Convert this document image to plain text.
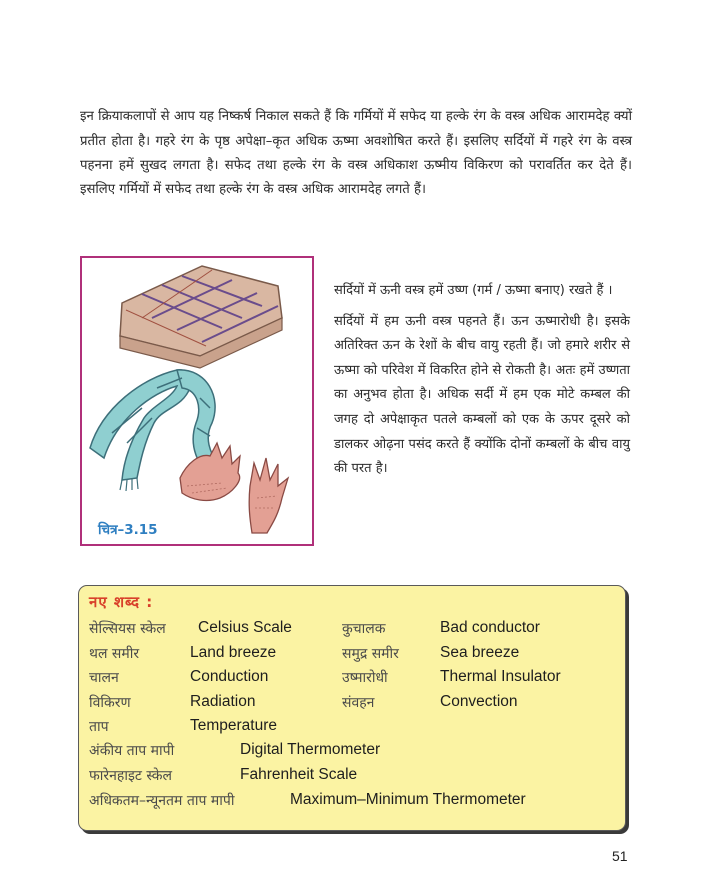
इन क्रियाकलापों से आप यह निष्कर्ष निकाल सकते हैं कि गर्मियों में सफेद या हल्के रंग के वस्त्र अधिक आरामदेह क्यों प्रतीत होता है। गहरे रंग के पृष्ठ अपेक्षा–कृत अधिक ऊष्मा अवशोषित करते हैं। इसलिए सर्दियों में गहरे रंग के वस्त्र पहनना हमें सुखद लगता है। सफेद तथा हल्के रंग के वस्त्र अधिकाश ऊष्मीय विकिरण को परावर्तित कर देते हैं। इसलिए गर्मियों में सफेद तथा हल्के रंग के वस्त्र अधिक आरामदेह लगते हैं।

चित्र–3.15

सर्दियों में ऊनी वस्त्र हमें उष्ण (गर्म / ऊष्मा बनाए) रखते हैं ।

सर्दियों में हम ऊनी वस्त्र पहनते हैं। ऊन ऊष्मारोधी है। इसके अतिरिक्त ऊन के रेशों के बीच वायु रहती हैं। जो हमारे शरीर से ऊष्मा को परिवेश में विकरित होने से रोकती है। अतः हमें उष्णता का अनुभव होता है। अधिक सर्दी में हम एक मोटे कम्बल की जगह दो अपेक्षाकृत पतले कम्बलों को एक के ऊपर दूसरे को डालकर ओढ़ना पसंद करते हैं क्योंकि दोनों कम्बलों के बीच वायु की परत है।

नए शब्द :
सेल्सियस स्केल Celsius Scale	कुचालक	Bad conductor
थल समीर	Land breeze	समुद्र समीर	Sea breeze
चालन	Conduction	उष्मारोधी	Thermal Insulator
विकिरण	Radiation	संवहन	Convection
ताप	Temperature
अंकीय ताप मापी	Digital Thermometer
फारेनहाइट स्केल	Fahrenheit Scale
अधिकतम–न्यूनतम ताप मापी	Maximum–Minimum Thermometer
51
